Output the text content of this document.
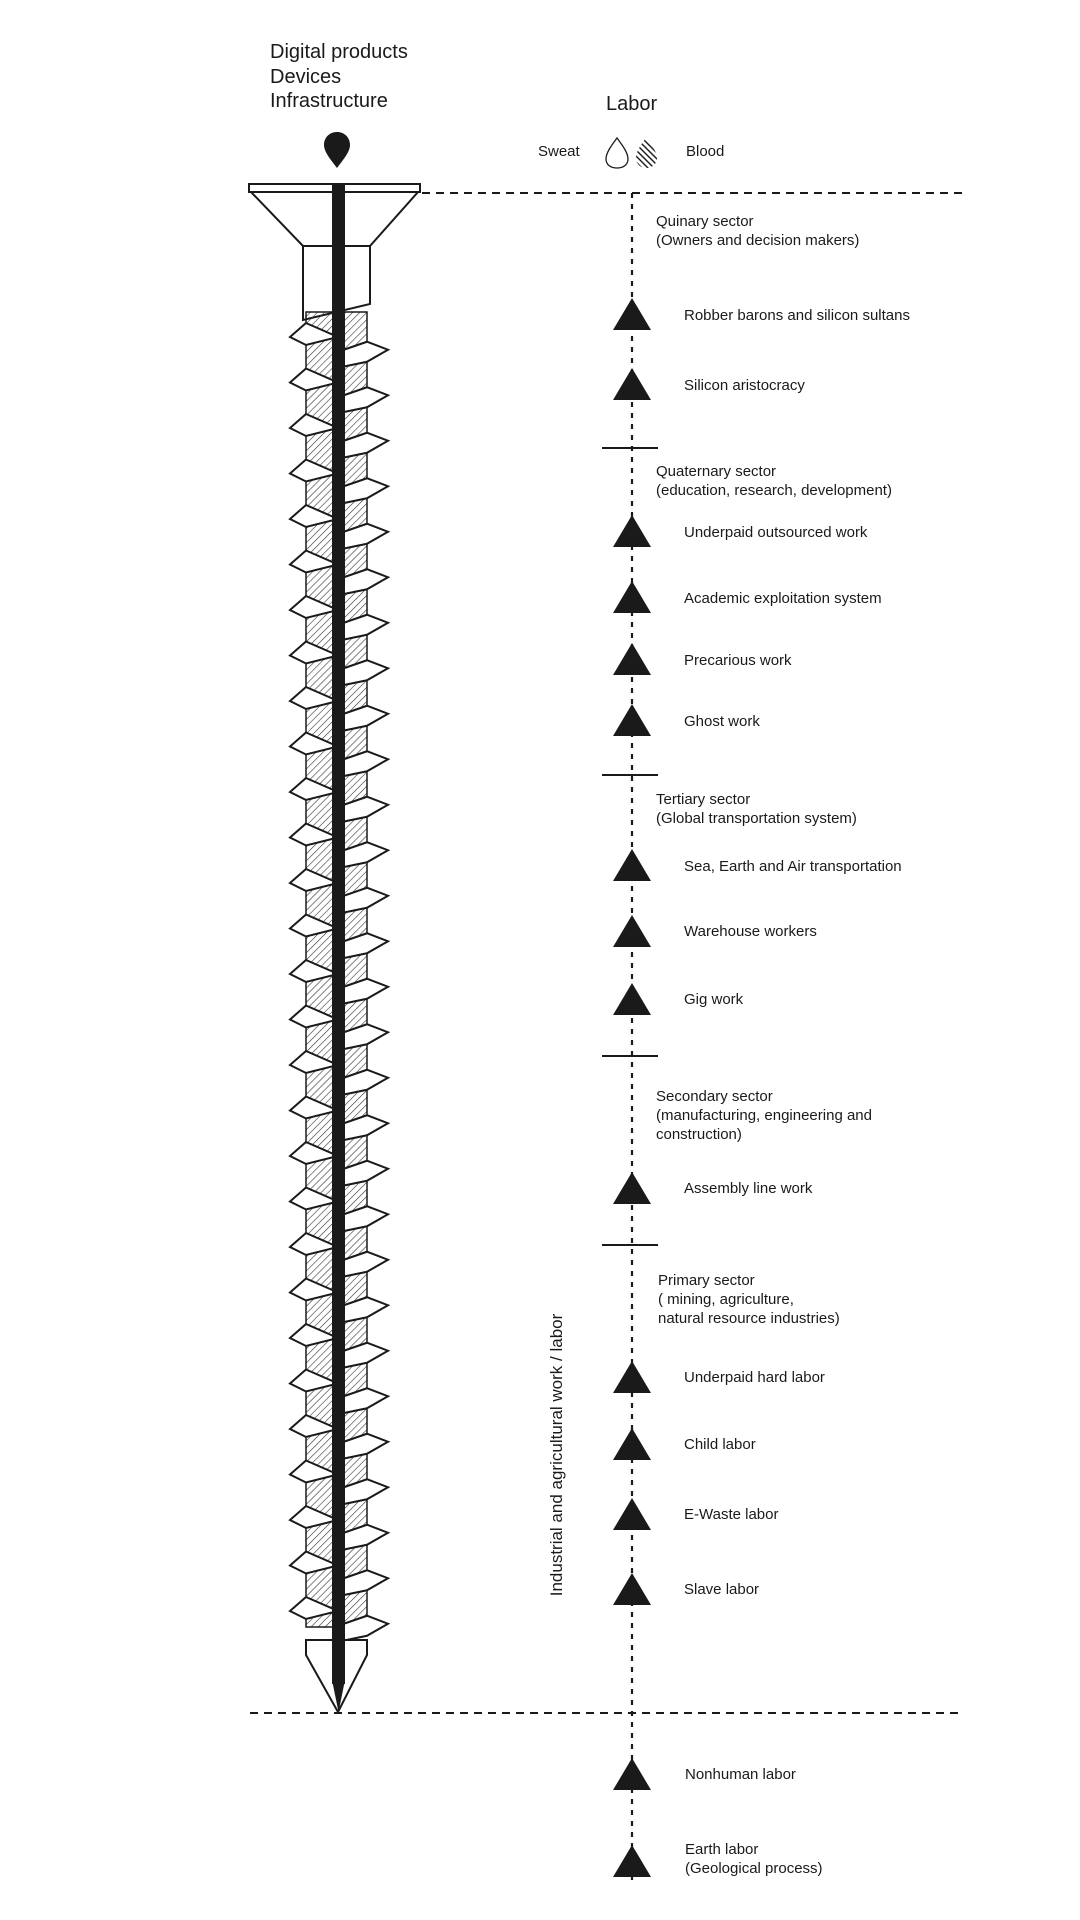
Digital products
Devices
Infrastructure	Labor
Sweat	Blood
Quinary sector
(Owners and decision makers)
Quaternary sector
(education, research, development)
Tertiary sector
(Global transportation system)
Secondary sector
(manufacturing, engineering and
construction)
Primary sector
( mining, agriculture,
natural resource industries)
Robber barons and silicon sultans
Silicon aristocracy
Underpaid outsourced work
Academic exploitation system
Precarious work
Ghost work
Sea, Earth and Air transportation
Warehouse workers
Gig work
Assembly line work
Underpaid hard labor
Child labor
E-Waste labor
Slave labor
Nonhuman labor
Earth labor
(Geological process)
Industrial and agricultural work / labor
